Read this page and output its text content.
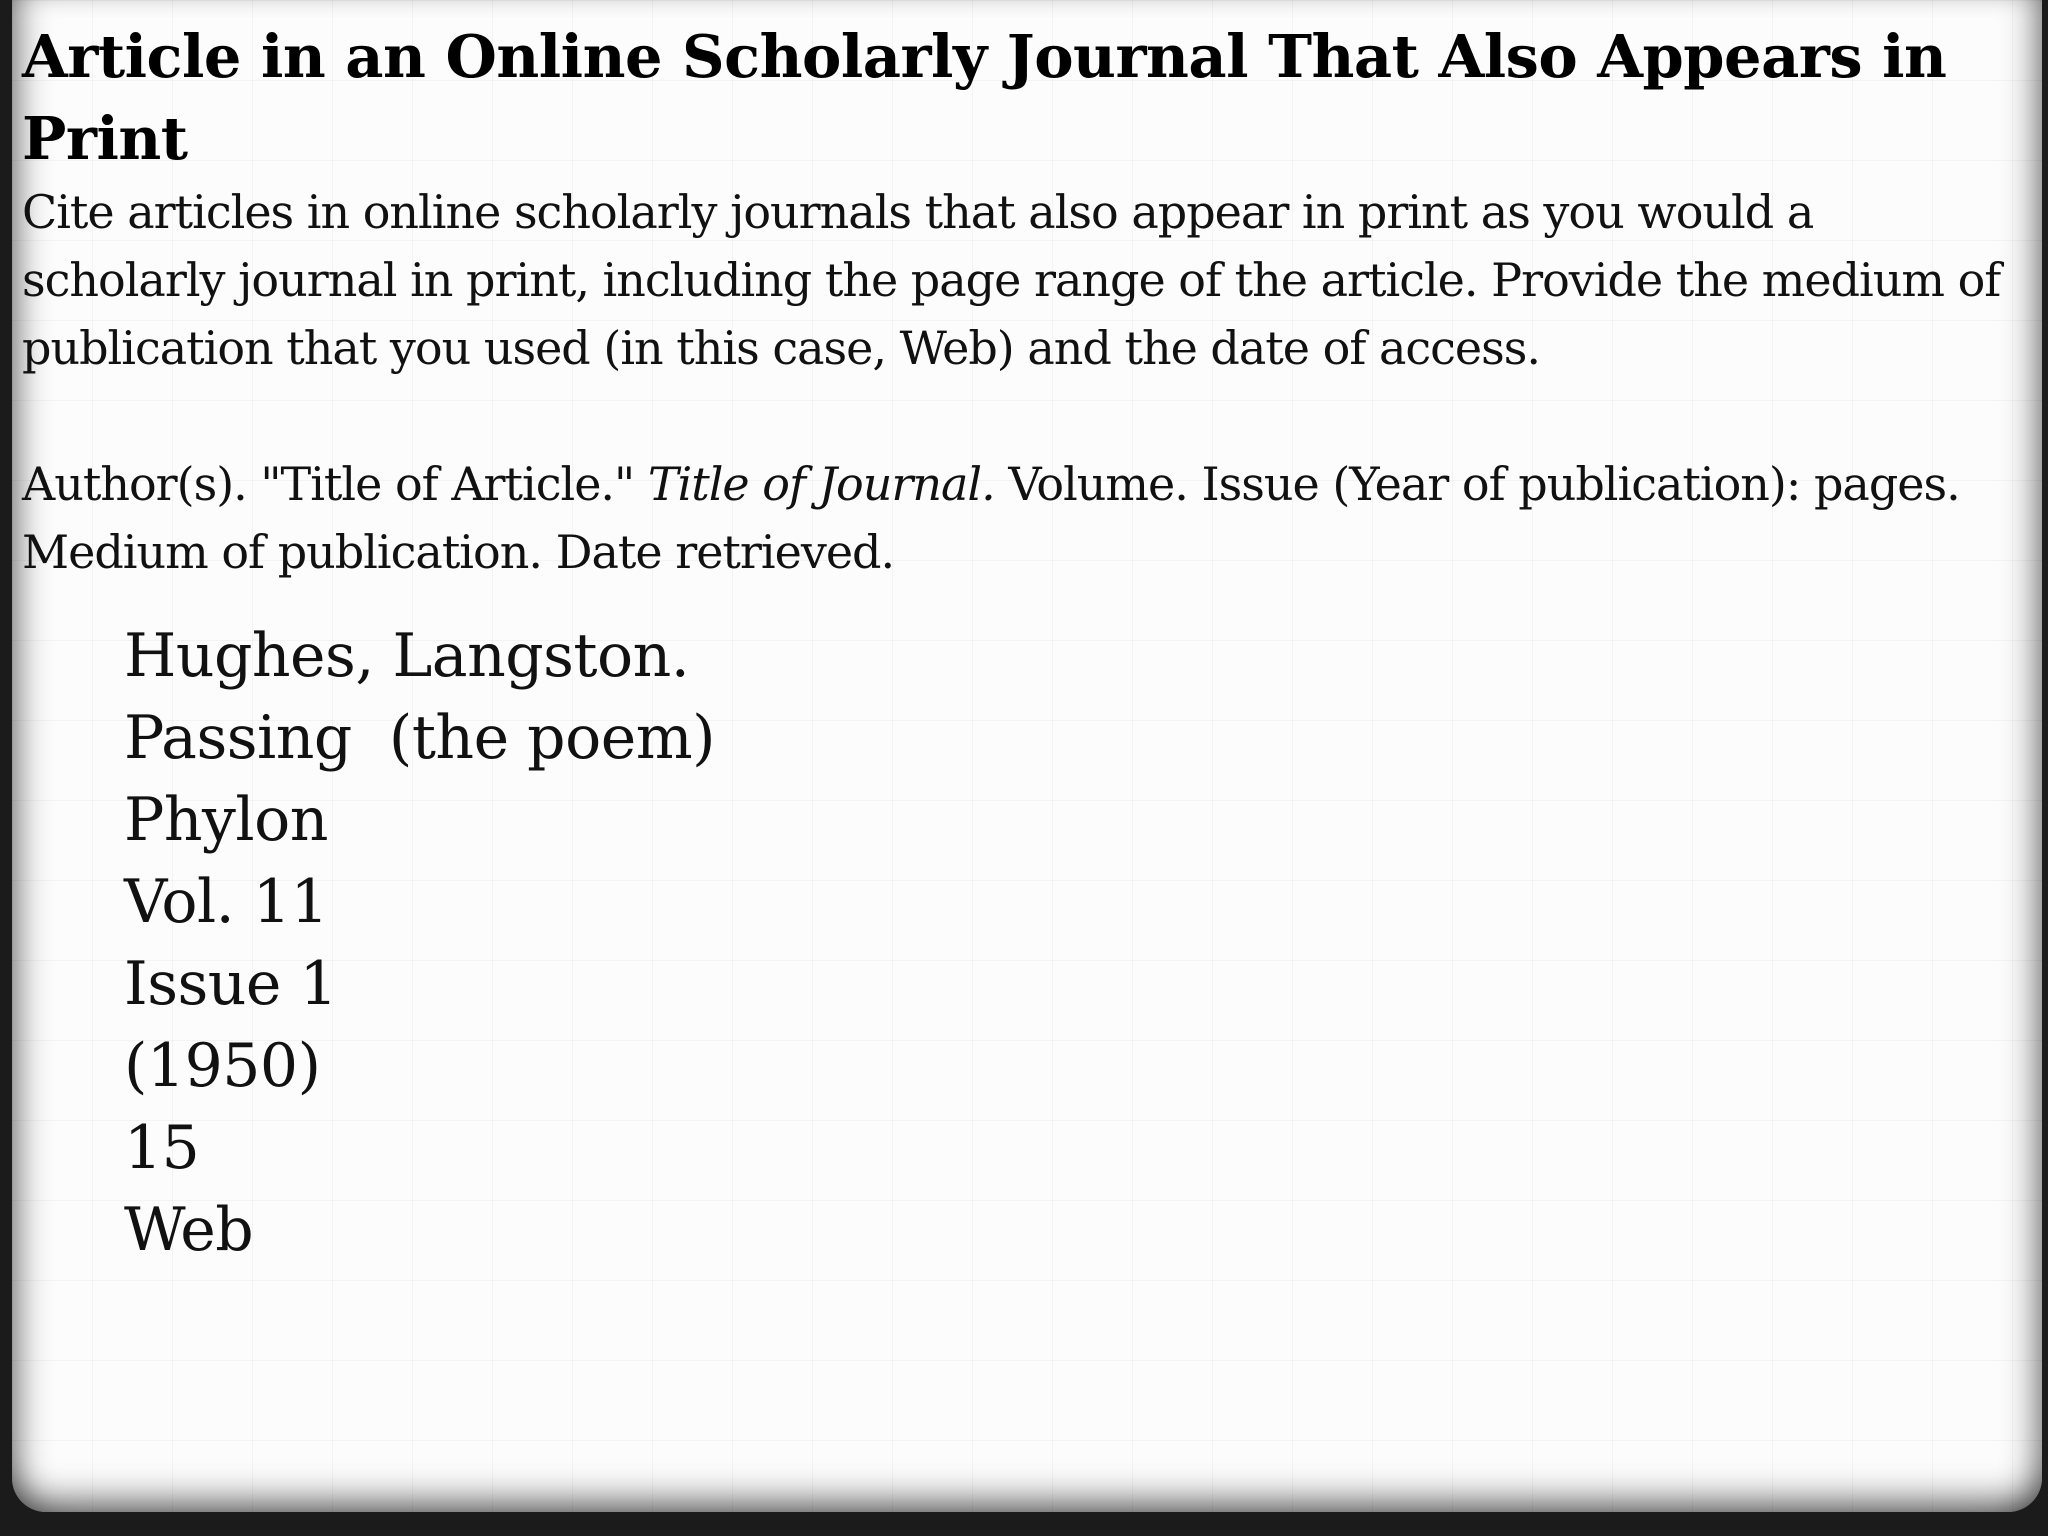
Article in an Online Scholarly Journal That Also Appears in Print

Cite articles in online scholarly journals that also appear in print as you would a scholarly journal in print, including the page range of the article. Provide the medium of publication that you used (in this case, Web) and the date of access.

Author(s). "Title of Article." Title of Journal. Volume. Issue (Year of publication): pages. Medium of publication. Date retrieved.

Hughes, Langston.
Passing  (the poem)
Phylon
Vol. 11
Issue 1
(1950)
15
Web
